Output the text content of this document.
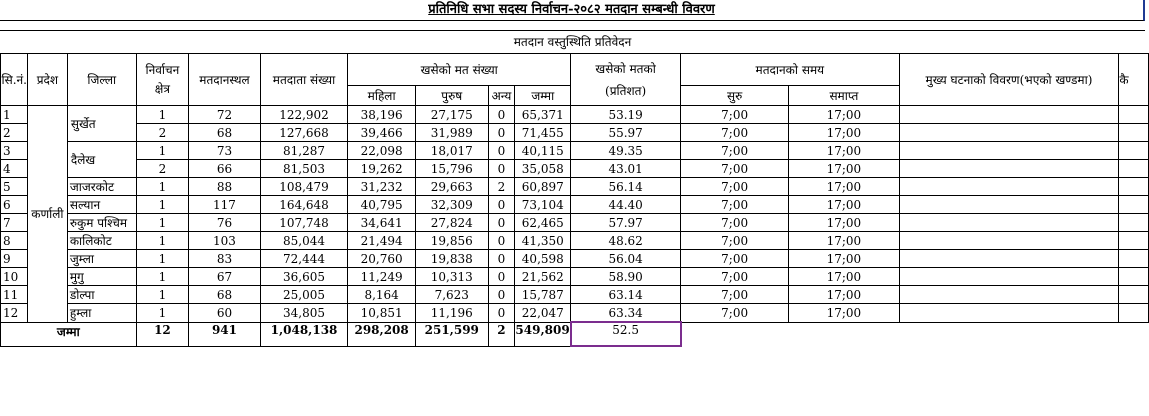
प्रतिनिधि सभा सदस्य निर्वाचन-२०८२ मतदान सम्बन्धी विवरण
मतदान वस्तुस्थिति प्रतिवेदन
सि.नं.	प्रदेश	जिल्ला	निर्वाचन क्षेत्र	मतदानस्थल	मतदाता संख्या	खसेको मत संख्या				खसेको मतको
(प्रतिशत)	मतदानको समय		मुख्य घटनाको विवरण(भएको खण्डमा)	कै
						महिला	पुरुष	अन्य	जम्मा		सुरु	समाप्त		
1	कर्णाली	सुर्खेत	1	72	122,902	38,196	27,175	0	65,371	53.19	7;00	17;00		
2			2	68	127,668	39,466	31,989	0	71,455	55.97	7;00	17;00		
3		दैलेख	1	73	81,287	22,098	18,017	0	40,115	49.35	7;00	17;00		
4			2	66	81,503	19,262	15,796	0	35,058	43.01	7;00	17;00		
5		जाजरकोट	1	88	108,479	31,232	29,663	2	60,897	56.14	7;00	17;00		
6		सल्यान	1	117	164,648	40,795	32,309	0	73,104	44.40	7;00	17;00		
7		रुकुम पश्चिम	1	76	107,748	34,641	27,824	0	62,465	57.97	7;00	17;00		
8		कालिकोट	1	103	85,044	21,494	19,856	0	41,350	48.62	7;00	17;00		
9		जुम्ला	1	83	72,444	20,760	19,838	0	40,598	56.04	7;00	17;00		
10		मुगु	1	67	36,605	11,249	10,313	0	21,562	58.90	7;00	17;00		
11		डोल्पा	1	68	25,005	8,164	7,623	0	15,787	63.14	7;00	17;00		
12		हुम्ला	1	60	34,805	10,851	11,196	0	22,047	63.34	7;00	17;00		
जम्मा			12	941	1,048,138	298,208	251,599	2	549,809	52.5				
